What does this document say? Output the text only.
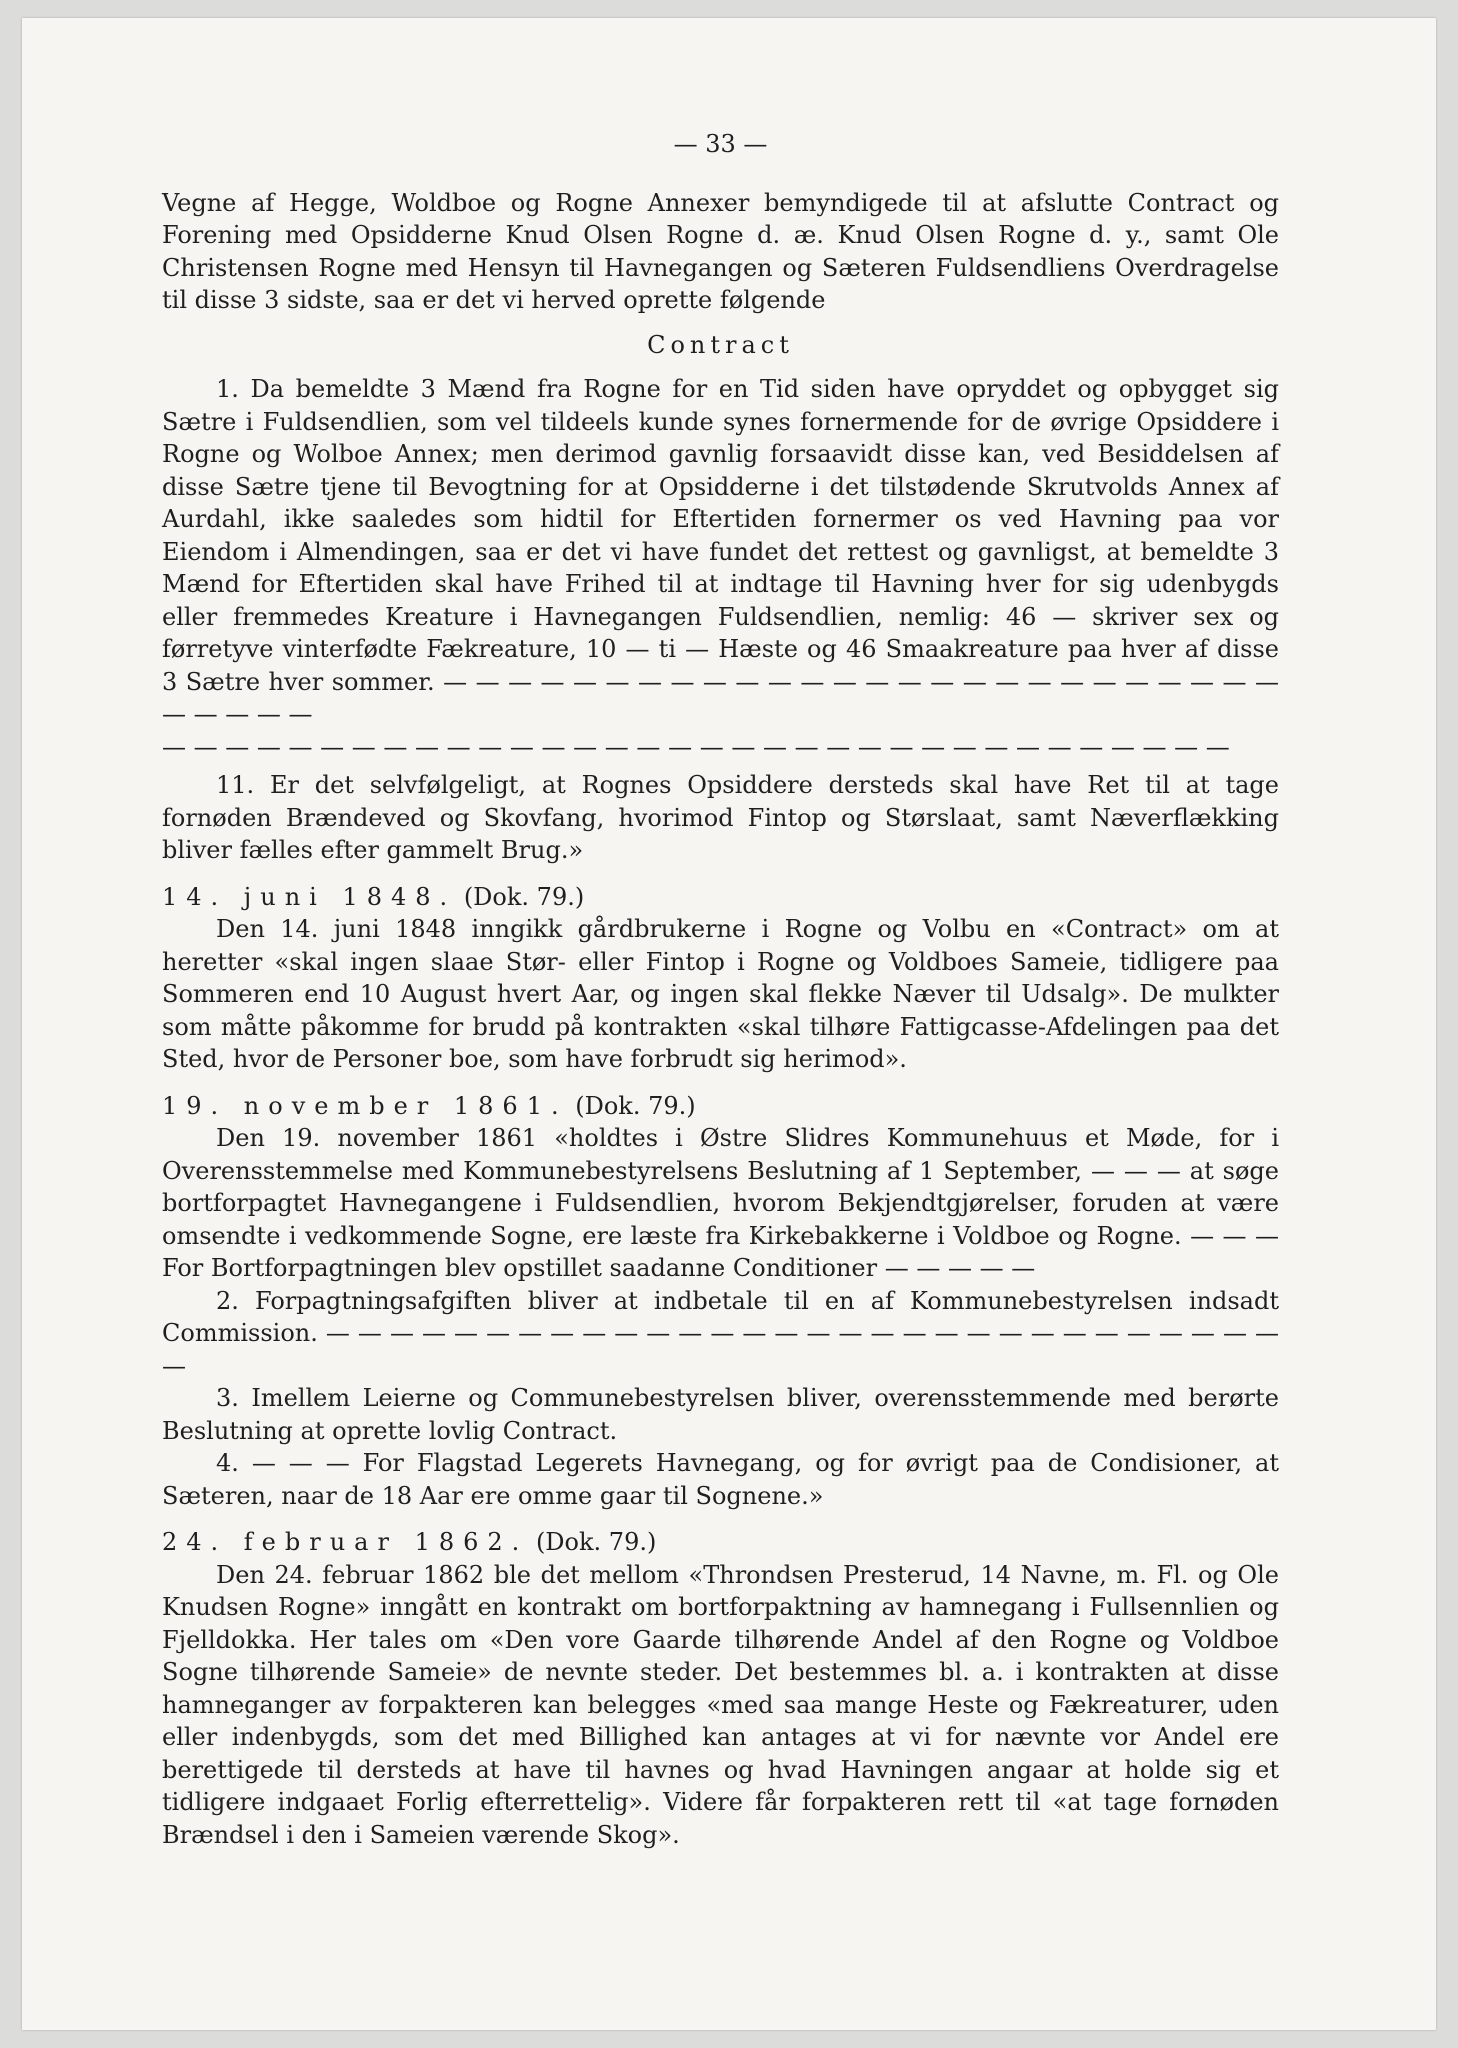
— 33 —

Vegne af Hegge, Woldboe og Rogne Annexer bemyndigede til at afslutte Contract og Forening med Opsidderne Knud Olsen Rogne d. æ. Knud Olsen Rogne d. y., samt Ole Christensen Rogne med Hensyn til Havnegangen og Sæteren Fuldsendliens Overdragelse til disse 3 sidste, saa er det vi herved oprette følgende

Contract

1. Da bemeldte 3 Mænd fra Rogne for en Tid siden have opryddet og opbygget sig Sætre i Fuldsendlien, som vel tildeels kunde synes fornermende for de øvrige Opsiddere i Rogne og Wolboe Annex; men derimod gavnlig forsaavidt disse kan, ved Besiddelsen af disse Sætre tjene til Bevogtning for at Opsidderne i det tilstødende Skrutvolds Annex af Aurdahl, ikke saaledes som hidtil for Eftertiden fornermer os ved Havning paa vor Eiendom i Almendingen, saa er det vi have fundet det rettest og gavnligst, at bemeldte 3 Mænd for Eftertiden skal have Frihed til at indtage til Havning hver for sig udenbygds eller fremmedes Kreature i Havnegangen Fuldsendlien, nemlig: 46 — skriver sex og førretyve vinterfødte Fækreature, 10 — ti — Hæste og 46 Smaakreature paa hver af disse 3 Sætre hver sommer. — — — — — — — — — — — — — — — — — — — — — — — — — — — — — — —

— — — — — — — — — — — — — — — — — — — — — — — — — — — — — — — — — —

11. Er det selvfølgeligt, at Rognes Opsiddere dersteds skal have Ret til at tage fornøden Brændeved og Skovfang, hvorimod Fintop og Størslaat, samt Næverflækking bliver fælles efter gammelt Brug.»

14. juni 1848. (Dok. 79.)

Den 14. juni 1848 inngikk gårdbrukerne i Rogne og Volbu en «Contract» om at heretter «skal ingen slaae Stør- eller Fintop i Rogne og Voldboes Sameie, tidligere paa Sommeren end 10 August hvert Aar, og ingen skal flekke Næver til Udsalg». De mulkter som måtte påkomme for brudd på kontrakten «skal tilhøre Fattigcasse-Afdelingen paa det Sted, hvor de Personer boe, som have forbrudt sig herimod».

19. november 1861. (Dok. 79.)

Den 19. november 1861 «holdtes i Østre Slidres Kommunehuus et Møde, for i Overensstemmelse med Kommunebestyrelsens Beslutning af 1 September, — — — at søge bortforpagtet Havnegangene i Fuldsendlien, hvorom Bekjendtgjørelser, foruden at være omsendte i vedkommende Sogne, ere læste fra Kirkebakkerne i Voldboe og Rogne. — — — For Bortforpagtningen blev opstillet saadanne Conditioner — — — — —

2. Forpagtningsafgiften bliver at indbetale til en af Kommunebestyrelsen indsadt Commission. — — — — — — — — — — — — — — — — — — — — — — — — — — — — — — —

3. Imellem Leierne og Communebestyrelsen bliver, overensstemmende med berørte Beslutning at oprette lovlig Contract.

4. — — — For Flagstad Legerets Havnegang, og for øvrigt paa de Condisioner, at Sæteren, naar de 18 Aar ere omme gaar til Sognene.»

24. februar 1862. (Dok. 79.)

Den 24. februar 1862 ble det mellom «Throndsen Presterud, 14 Navne, m. Fl. og Ole Knudsen Rogne» inngått en kontrakt om bortforpaktning av hamnegang i Fullsennlien og Fjelldokka. Her tales om «Den vore Gaarde tilhørende Andel af den Rogne og Voldboe Sogne tilhørende Sameie» de nevnte steder. Det bestemmes bl. a. i kontrakten at disse hamneganger av forpakteren kan belegges «med saa mange Heste og Fækreaturer, uden eller indenbygds, som det med Billighed kan antages at vi for nævnte vor Andel ere berettigede til dersteds at have til havnes og hvad Havningen angaar at holde sig et tidligere indgaaet Forlig efterrettelig». Videre får forpakteren rett til «at tage fornøden Brændsel i den i Sameien værende Skog».
